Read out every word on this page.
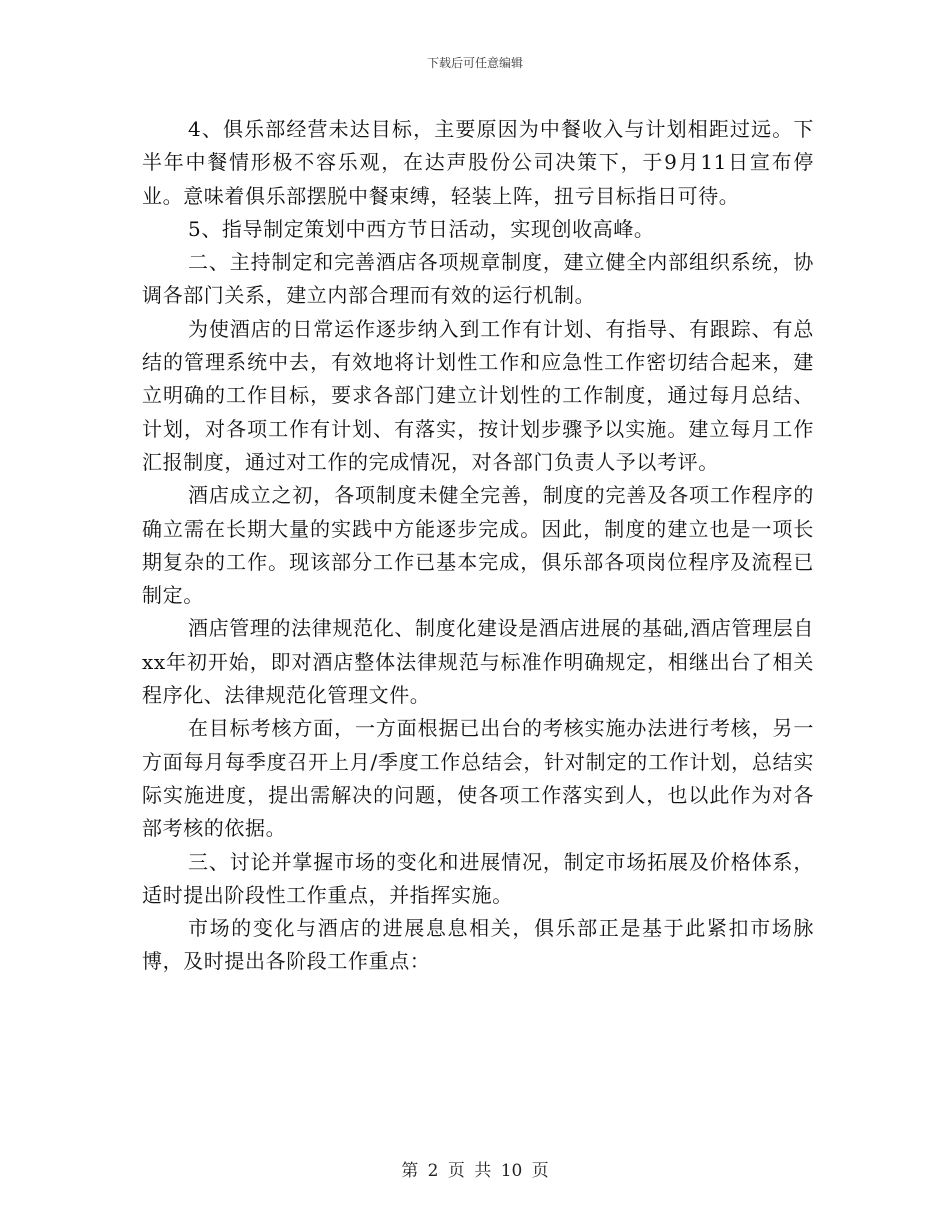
下载后可任意编辑

4、俱乐部经营未达目标，主要原因为中餐收入与计划相距过远。下半年中餐情形极不容乐观，在达声股份公司决策下，于9月11日宣布停业。意味着俱乐部摆脱中餐束缚，轻装上阵，扭亏目标指日可待。

5、指导制定策划中西方节日活动，实现创收高峰。

二、主持制定和完善酒店各项规章制度，建立健全内部组织系统，协调各部门关系，建立内部合理而有效的运行机制。

为使酒店的日常运作逐步纳入到工作有计划、有指导、有跟踪、有总结的管理系统中去，有效地将计划性工作和应急性工作密切结合起来，建立明确的工作目标，要求各部门建立计划性的工作制度，通过每月总结、计划，对各项工作有计划、有落实，按计划步骤予以实施。建立每月工作汇报制度，通过对工作的完成情况，对各部门负责人予以考评。

酒店成立之初，各项制度未健全完善，制度的完善及各项工作程序的确立需在长期大量的实践中方能逐步完成。因此，制度的建立也是一项长期复杂的工作。现该部分工作已基本完成，俱乐部各项岗位程序及流程已制定。

酒店管理的法律规范化、制度化建设是酒店进展的基础,酒店管理层自xx年初开始，即对酒店整体法律规范与标准作明确规定，相继出台了相关程序化、法律规范化管理文件。

在目标考核方面，一方面根据已出台的考核实施办法进行考核，另一方面每月每季度召开上月/季度工作总结会，针对制定的工作计划，总结实际实施进度，提出需解决的问题，使各项工作落实到人，也以此作为对各部考核的依据。

三、讨论并掌握市场的变化和进展情况，制定市场拓展及价格体系，适时提出阶段性工作重点，并指挥实施。

市场的变化与酒店的进展息息相关，俱乐部正是基于此紧扣市场脉博，及时提出各阶段工作重点：

第 2 页 共 10 页
